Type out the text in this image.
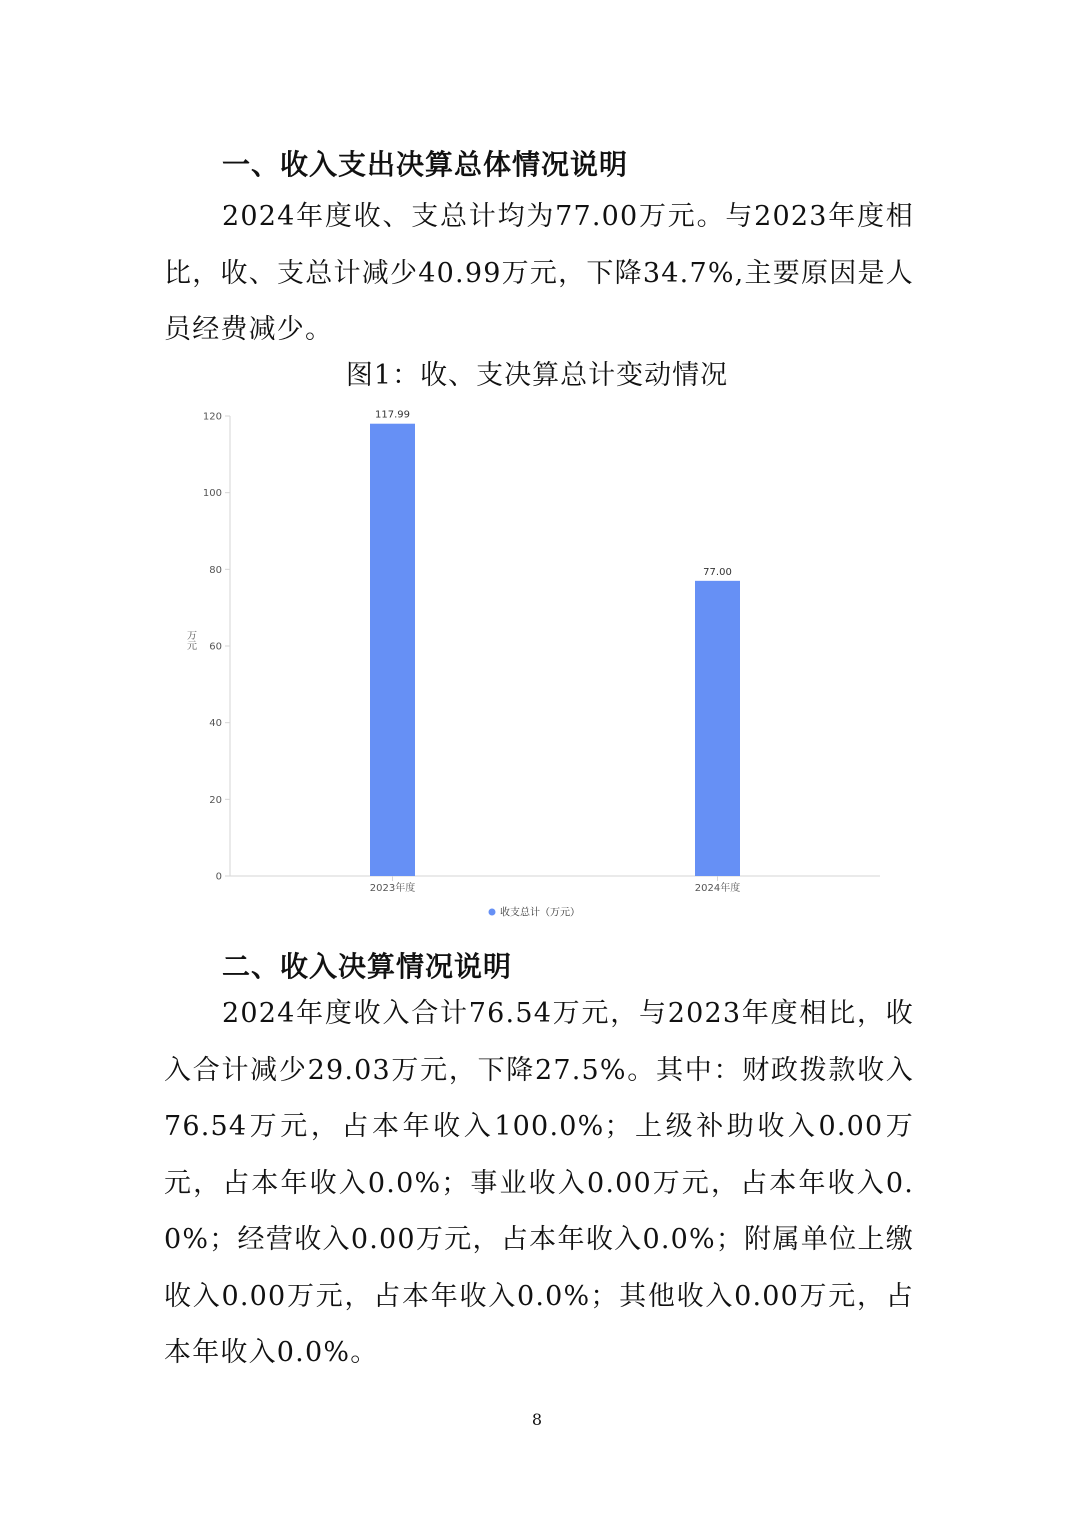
一、收入支出决算总体情况说明

2024年度收、支总计均为77.00万元。与2023年度相比，收、支总计减少40.99万元，下降34.7%,主要原因是人员经费减少。

图1：收、支决算总计变动情况

0
20
40
60
80
100
120
万元
117.99
2023年度
77.00
2024年度
收支总计（万元）
二、收入决算情况说明

2024年度收入合计76.54万元，与2023年度相比，收入合计减少29.03万元，下降27.5%。其中：财政拨款收入76.54万元，占本年收入100.0%；上级补助收入0.00万元，占本年收入0.0%；事业收入0.00万元，占本年收入0.0%；经营收入0.00万元，占本年收入0.0%；附属单位上缴收入0.00万元，占本年收入0.0%；其他收入0.00万元，占本年收入0.0%。

8
